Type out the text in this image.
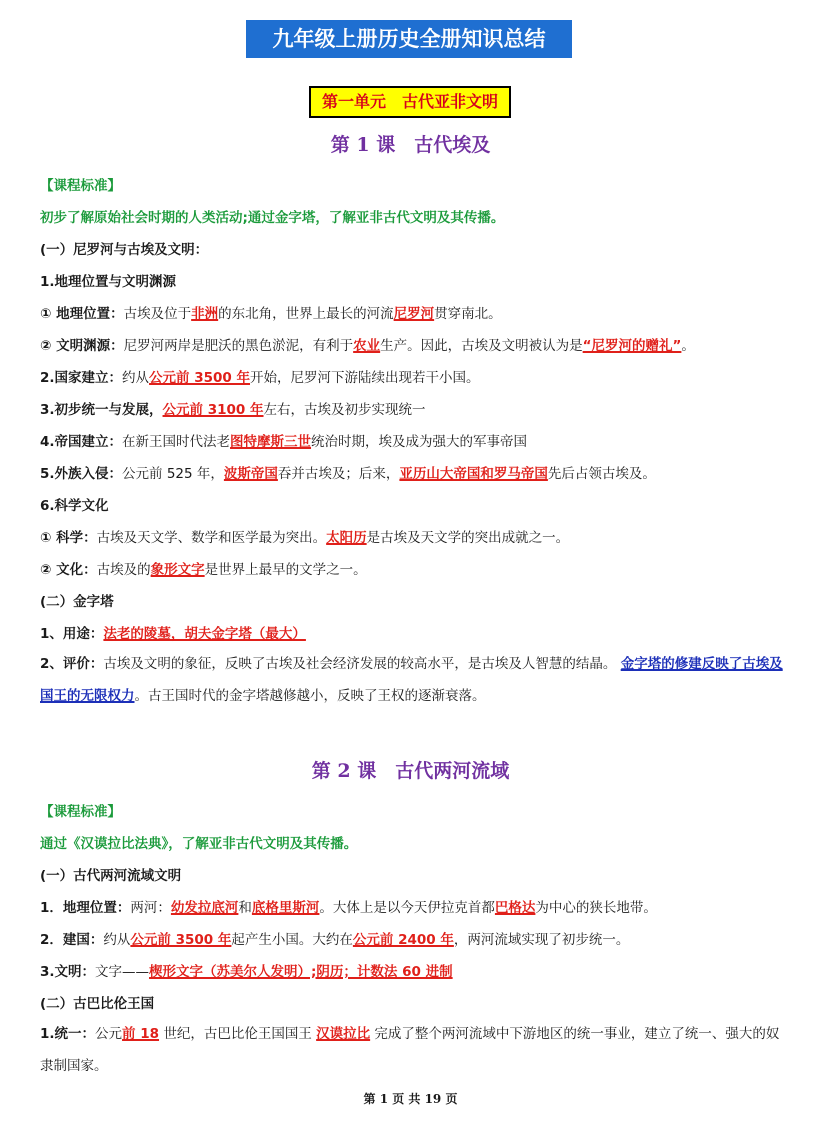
九年级上册历史全册知识总结
第一单元　古代亚非文明
第 1 课　古代埃及
【课程标准】
初步了解原始社会时期的人类活动;通过金字塔，了解亚非古代文明及其传播。
(一）尼罗河与古埃及文明：
1.地理位置与文明渊源
① 地理位置：古埃及位于非洲的东北角，世界上最长的河流尼罗河贯穿南北。
② 文明渊源：尼罗河两岸是肥沃的黑色淤泥，有利于农业生产。因此，古埃及文明被认为是“尼罗河的赠礼”。
2.国家建立：约从公元前 3500 年开始，尼罗河下游陆续出现若干小国。
3.初步统一与发展，公元前 3100 年左右，古埃及初步实现统一
4.帝国建立：在新王国时代法老图特摩斯三世统治时期，埃及成为强大的军事帝国
5.外族入侵：公元前 525 年，波斯帝国吞并古埃及；后来，亚历山大帝国和罗马帝国先后占领古埃及。
6.科学文化
① 科学：古埃及天文学、数学和医学最为突出。太阳历是古埃及天文学的突出成就之一。
② 文化：古埃及的象形文字是世界上最早的文学之一。
(二）金字塔
1、用途：法老的陵墓，胡夫金字塔（最大）
2、评价：古埃及文明的象征，反映了古埃及社会经济发展的较高水平，是古埃及人智慧的结晶。 金字塔的修建反映了古埃及国王的无限权力。古王国时代的金字塔越修越小，反映了王权的逐渐衰落。
第 2 课　古代两河流域
【课程标准】
通过《汉谟拉比法典》，了解亚非古代文明及其传播。
(一）古代两河流域文明
1．地理位置：两河：幼发拉底河和底格里斯河。大体上是以今天伊拉克首都巴格达为中心的狭长地带。
2．建国：约从公元前 3500 年起产生小国。大约在公元前 2400 年，两河流域实现了初步统一。
3.文明：文字——楔形文字（苏美尔人发明）;阴历；计数法 60 进制
(二）古巴比伦王国
1.统一：公元前 18 世纪，古巴比伦王国国王 汉谟拉比 完成了整个两河流域中下游地区的统一事业，建立了统一、强大的奴隶制国家。
第 1 页 共 19 页
